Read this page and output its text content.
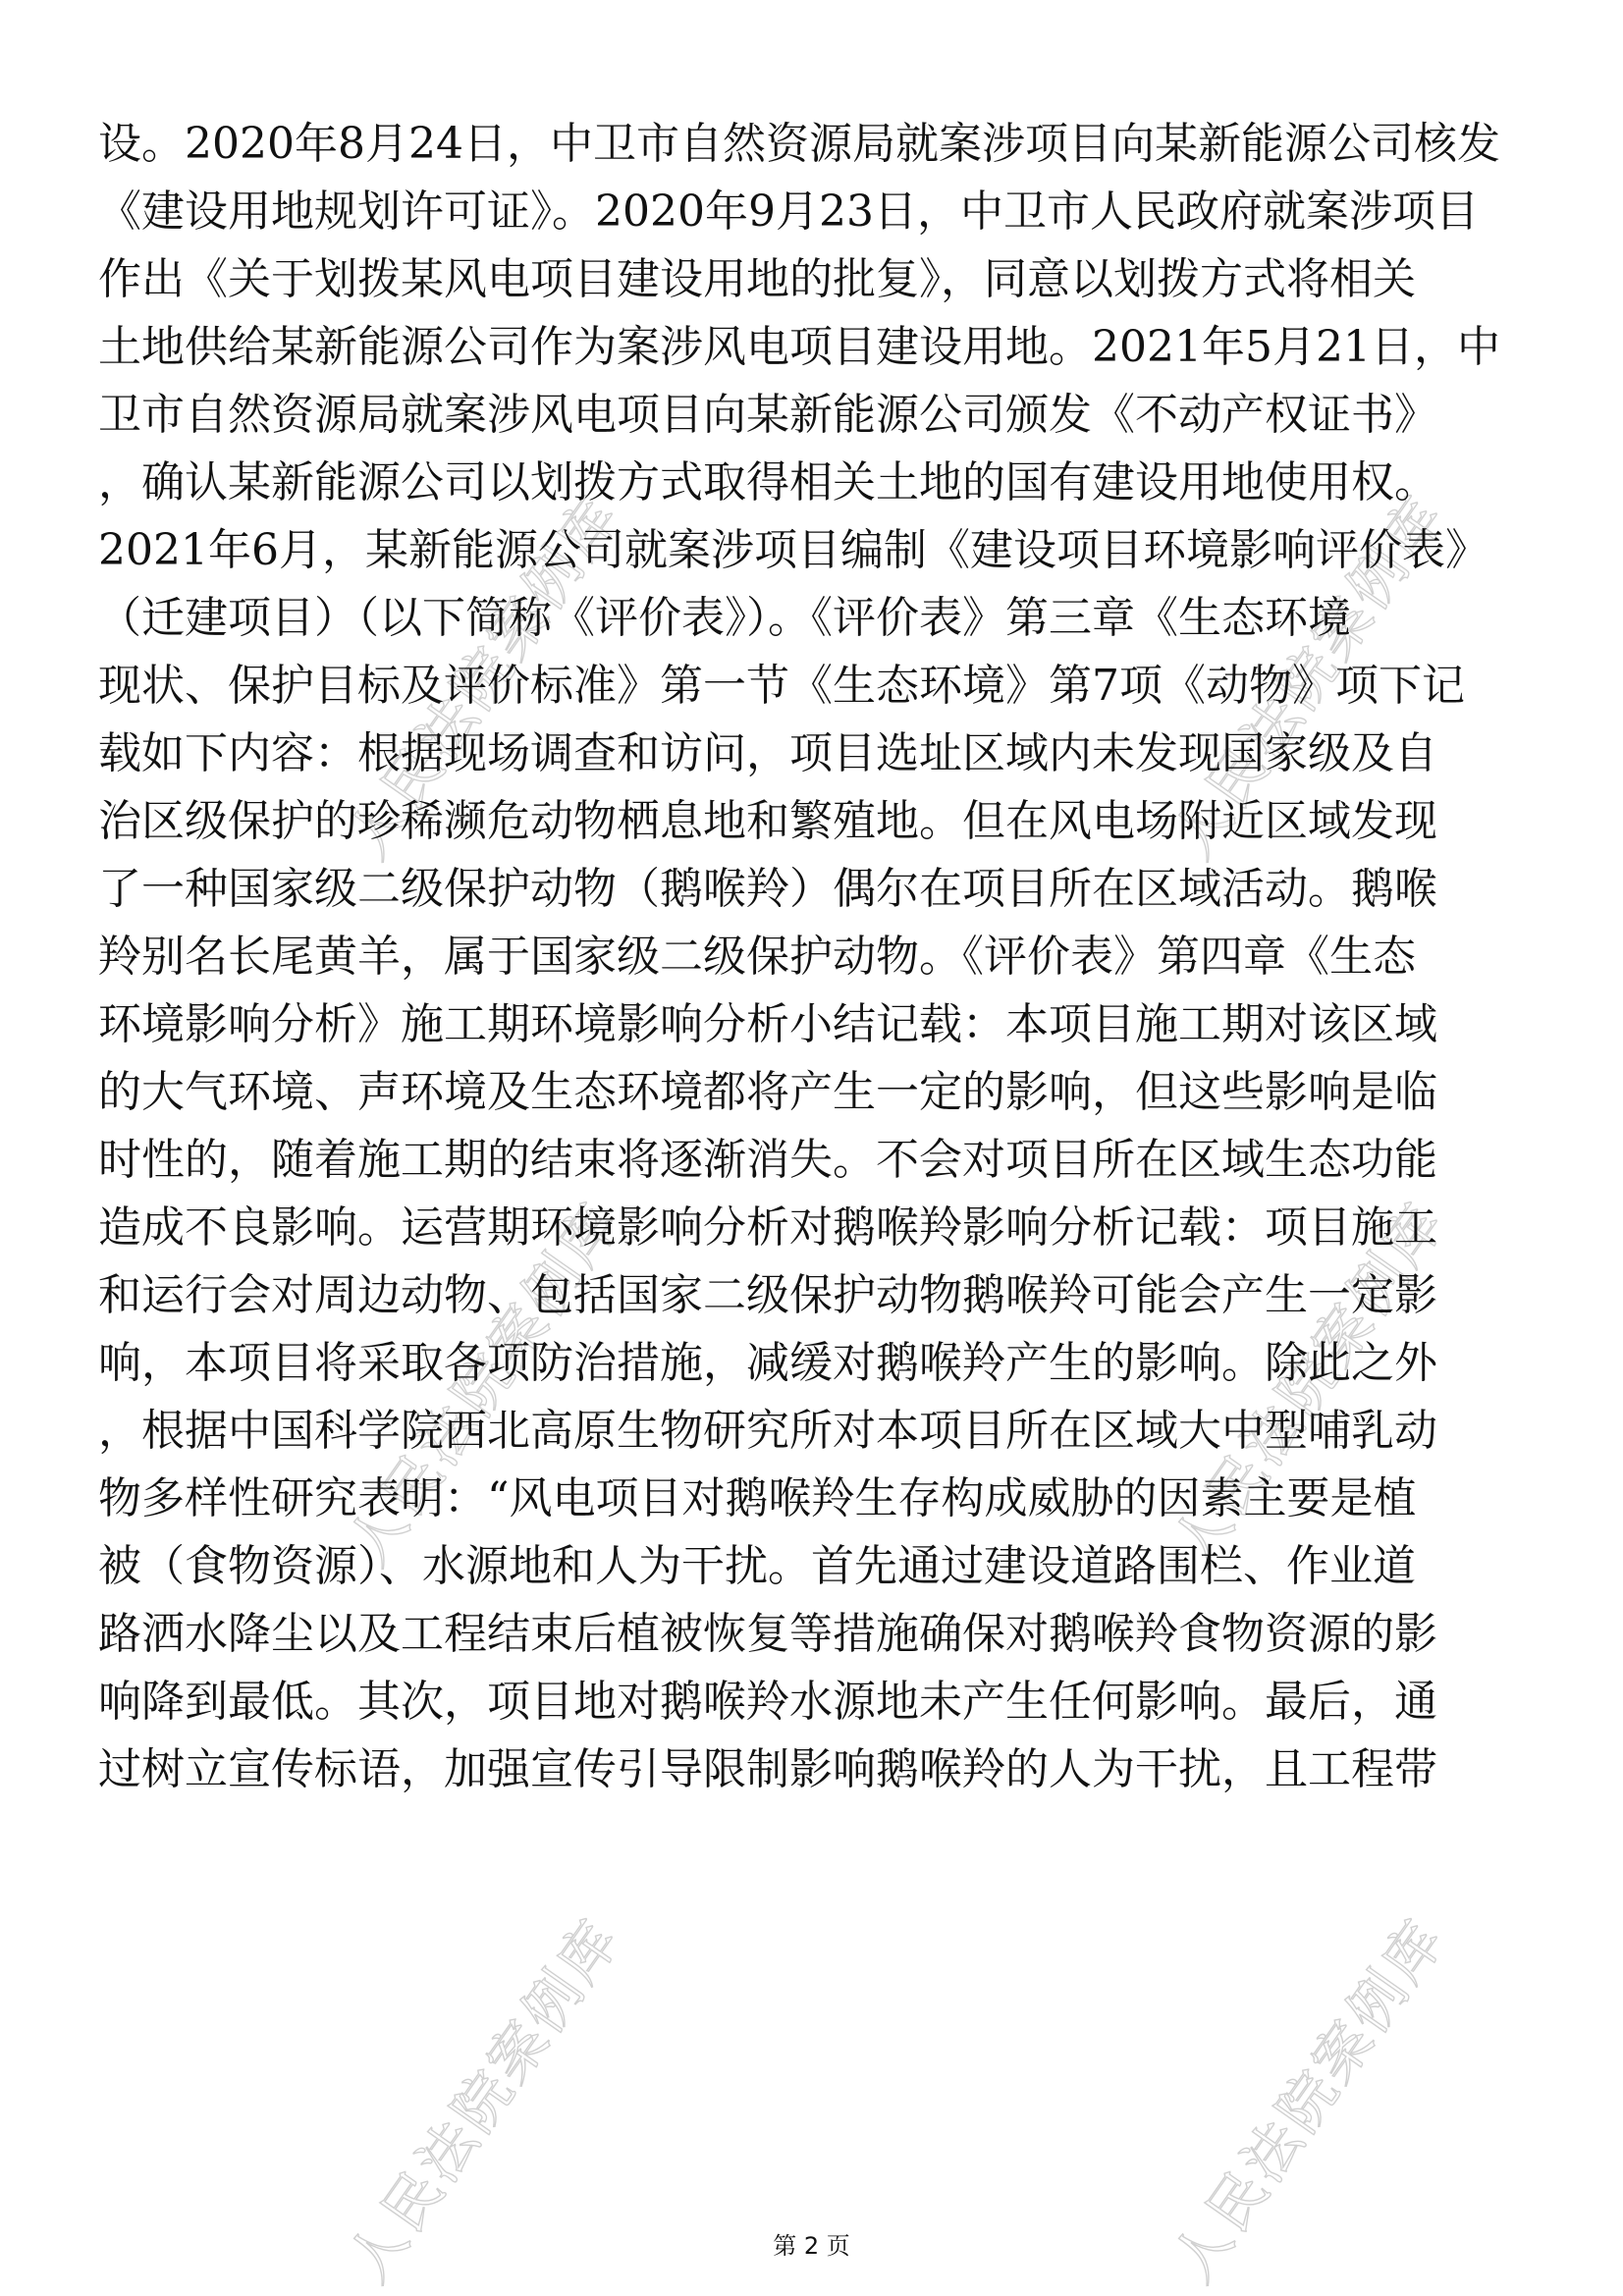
人民法院案例库	人民法院案例库
人民法院案例库	人民法院案例库
人民法院案例库	人民法院案例库
设。2020年8月24日，中卫市自然资源局就案涉项目向某新能源公司核发
《建设用地规划许可证》。2020年9月23日，中卫市人民政府就案涉项目
作出《关于划拨某风电项目建设用地的批复》，同意以划拨方式将相关
土地供给某新能源公司作为案涉风电项目建设用地。2021年5月21日，中
卫市自然资源局就案涉风电项目向某新能源公司颁发《不动产权证书》
，确认某新能源公司以划拨方式取得相关土地的国有建设用地使用权。
2021年6月，某新能源公司就案涉项目编制《建设项目环境影响评价表》
（迁建项目）（以下简称《评价表》）。《评价表》第三章《生态环境
现状、保护目标及评价标准》第一节《生态环境》第7项《动物》项下记
载如下内容：根据现场调查和访问，项目选址区域内未发现国家级及自
治区级保护的珍稀濒危动物栖息地和繁殖地。但在风电场附近区域发现
了一种国家级二级保护动物（鹅喉羚）偶尔在项目所在区域活动。鹅喉
羚别名长尾黄羊，属于国家级二级保护动物。《评价表》第四章《生态
环境影响分析》施工期环境影响分析小结记载：本项目施工期对该区域
的大气环境、声环境及生态环境都将产生一定的影响，但这些影响是临
时性的，随着施工期的结束将逐渐消失。不会对项目所在区域生态功能
造成不良影响。运营期环境影响分析对鹅喉羚影响分析记载：项目施工
和运行会对周边动物、包括国家二级保护动物鹅喉羚可能会产生一定影
响，本项目将采取各项防治措施，减缓对鹅喉羚产生的影响。除此之外
，根据中国科学院西北高原生物研究所对本项目所在区域大中型哺乳动
物多样性研究表明：“风电项目对鹅喉羚生存构成威胁的因素主要是植
被（食物资源）、水源地和人为干扰。首先通过建设道路围栏、作业道
路洒水降尘以及工程结束后植被恢复等措施确保对鹅喉羚食物资源的影
响降到最低。其次，项目地对鹅喉羚水源地未产生任何影响。最后，通
过树立宣传标语，加强宣传引导限制影响鹅喉羚的人为干扰，且工程带
第 2 页
